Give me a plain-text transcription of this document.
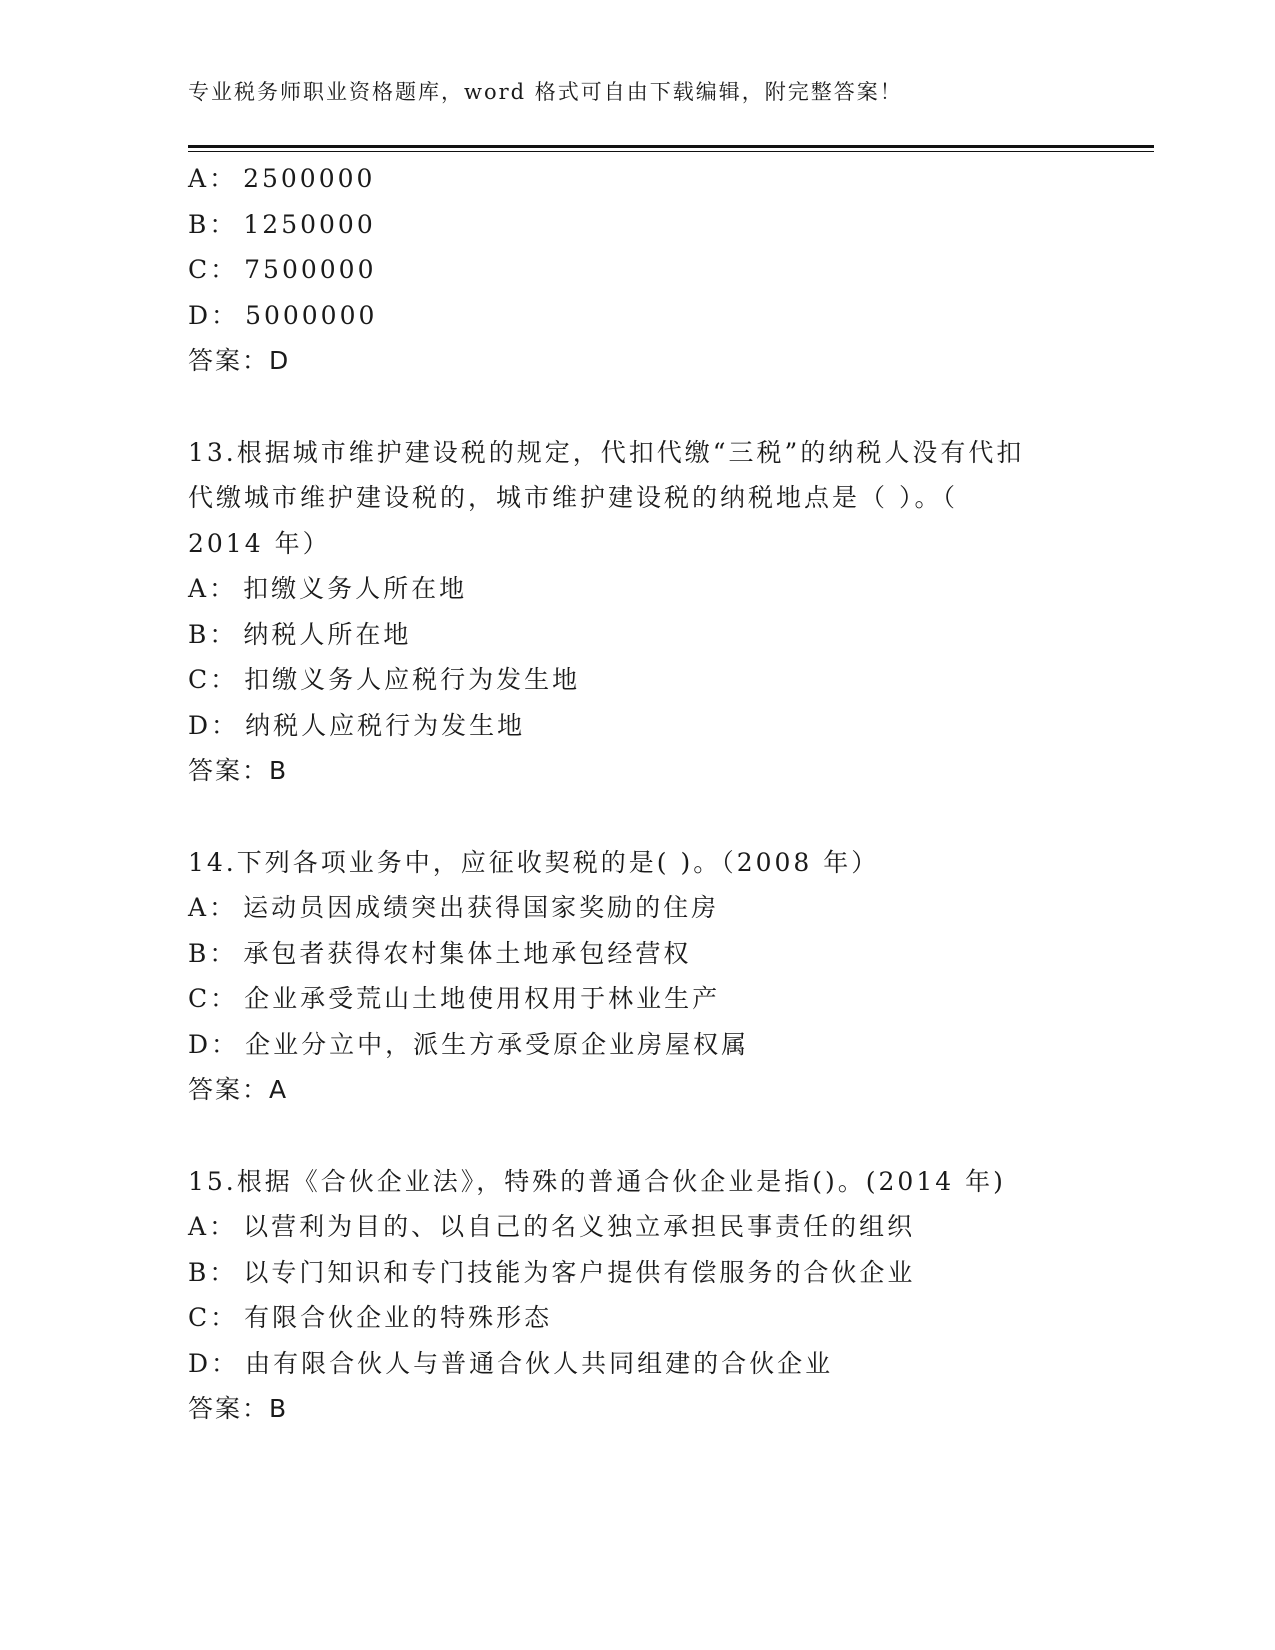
专业税务师职业资格题库，word 格式可自由下载编辑，附完整答案！
A： 2500000
B： 1250000
C： 7500000
D： 5000000
答案：D
13.根据城市维护建设税的规定，代扣代缴“三税”的纳税人没有代扣
代缴城市维护建设税的，城市维护建设税的纳税地点是（ ）。（
2014 年）
A： 扣缴义务人所在地
B： 纳税人所在地
C： 扣缴义务人应税行为发生地
D： 纳税人应税行为发生地
答案：B
14.下列各项业务中，应征收契税的是( )。（2008 年）
A： 运动员因成绩突出获得国家奖励的住房
B： 承包者获得农村集体土地承包经营权
C： 企业承受荒山土地使用权用于林业生产
D： 企业分立中，派生方承受原企业房屋权属
答案：A
15.根据《合伙企业法》，特殊的普通合伙企业是指()。(2014 年)
A： 以营利为目的、以自己的名义独立承担民事责任的组织
B： 以专门知识和专门技能为客户提供有偿服务的合伙企业
C： 有限合伙企业的特殊形态
D： 由有限合伙人与普通合伙人共同组建的合伙企业
答案：B
